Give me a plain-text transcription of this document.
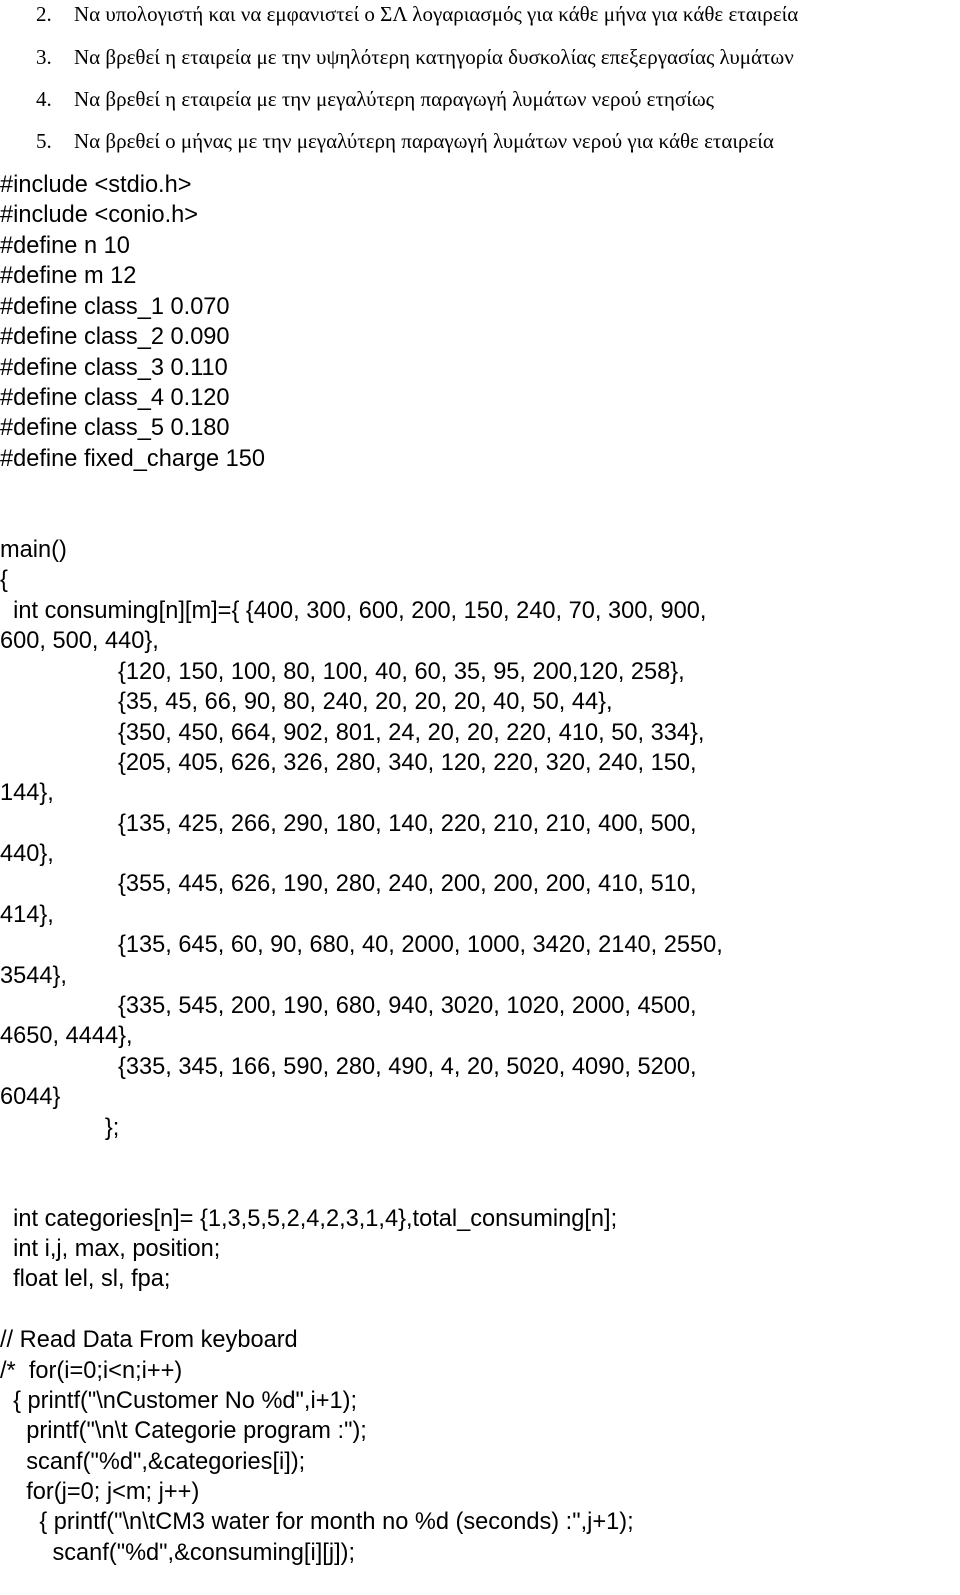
2. Να υπολογιστή και να εμφανιστεί ο ΣΛ λογαριασμός για κάθε μήνα για κάθε εταιρεία
3. Να βρεθεί η εταιρεία με την υψηλότερη κατηγορία δυσκολίας επεξεργασίας λυμάτων
4. Να βρεθεί η εταιρεία με την μεγαλύτερη παραγωγή λυμάτων νερού ετησίως
5. Να βρεθεί ο μήνας με την μεγαλύτερη παραγωγή λυμάτων νερού για κάθε εταιρεία
#include <stdio.h>
#include <conio.h>
#define n 10
#define m 12
#define class_1 0.070
#define class_2 0.090
#define class_3 0.110
#define class_4 0.120
#define class_5 0.180
#define fixed_charge 150
main()
{
int consuming[n][m]={ {400, 300, 600, 200, 150, 240, 70, 300, 900,
600, 500, 440},
{120, 150, 100, 80, 100, 40, 60, 35, 95, 200,120, 258},
{35, 45, 66, 90, 80, 240, 20, 20, 20, 40, 50, 44},
{350, 450, 664, 902, 801, 24, 20, 20, 220, 410, 50, 334},
{205, 405, 626, 326, 280, 340, 120, 220, 320, 240, 150,
144},
{135, 425, 266, 290, 180, 140, 220, 210, 210, 400, 500,
440},
{355, 445, 626, 190, 280, 240, 200, 200, 200, 410, 510,
414},
{135, 645, 60, 90, 680, 40, 2000, 1000, 3420, 2140, 2550,
3544},
{335, 545, 200, 190, 680, 940, 3020, 1020, 2000, 4500,
4650, 4444},
{335, 345, 166, 590, 280, 490, 4, 20, 5020, 4090, 5200,
6044}
};
int categories[n]= {1,3,5,5,2,4,2,3,1,4},total_consuming[n];
int i,j, max, position;
float lel, sl, fpa;
// Read Data From keyboard
/*  for(i=0;i<n;i++)
{ printf("\nCustomer No %d",i+1);
printf("\n\t Categorie program :");
scanf("%d",&categories[i]);
for(j=0; j<m; j++)
{ printf("\n\tCM3 water for month no %d (seconds) :",j+1);
scanf("%d",&consuming[i][j]);
